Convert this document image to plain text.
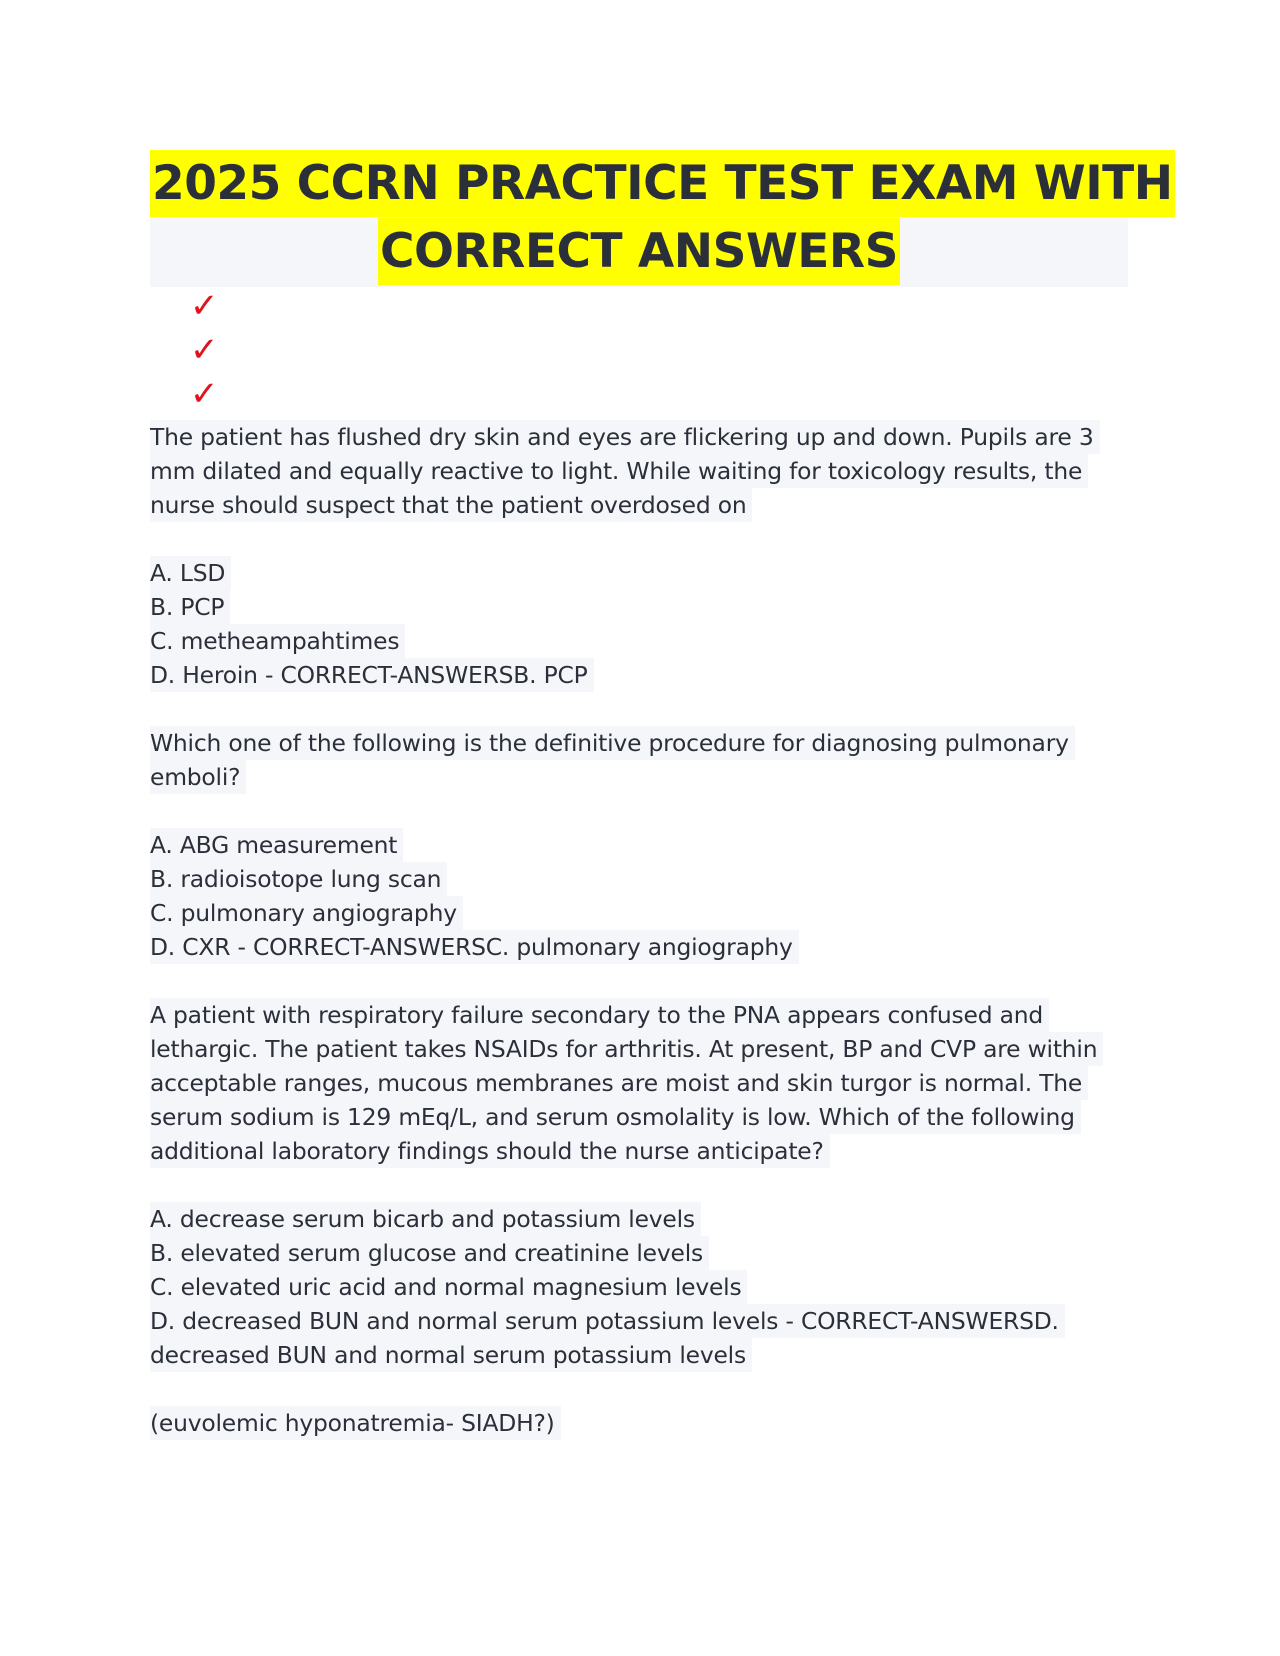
2025 CCRN PRACTICE TEST EXAM WITH
CORRECT ANSWERS
✓
✓
✓
The patient has flushed dry skin and eyes are flickering up and down. Pupils are 3
mm dilated and equally reactive to light. While waiting for toxicology results, the
nurse should suspect that the patient overdosed on
A. LSD
B. PCP
C. metheampahtimes
D. Heroin - CORRECT-ANSWERSB. PCP
Which one of the following is the definitive procedure for diagnosing pulmonary
emboli?
A. ABG measurement
B. radioisotope lung scan
C. pulmonary angiography
D. CXR - CORRECT-ANSWERSC. pulmonary angiography
A patient with respiratory failure secondary to the PNA appears confused and
lethargic. The patient takes NSAIDs for arthritis. At present, BP and CVP are within
acceptable ranges, mucous membranes are moist and skin turgor is normal. The
serum sodium is 129 mEq/L, and serum osmolality is low. Which of the following
additional laboratory findings should the nurse anticipate?
A. decrease serum bicarb and potassium levels
B. elevated serum glucose and creatinine levels
C. elevated uric acid and normal magnesium levels
D. decreased BUN and normal serum potassium levels - CORRECT-ANSWERSD.
decreased BUN and normal serum potassium levels
(euvolemic hyponatremia- SIADH?)
